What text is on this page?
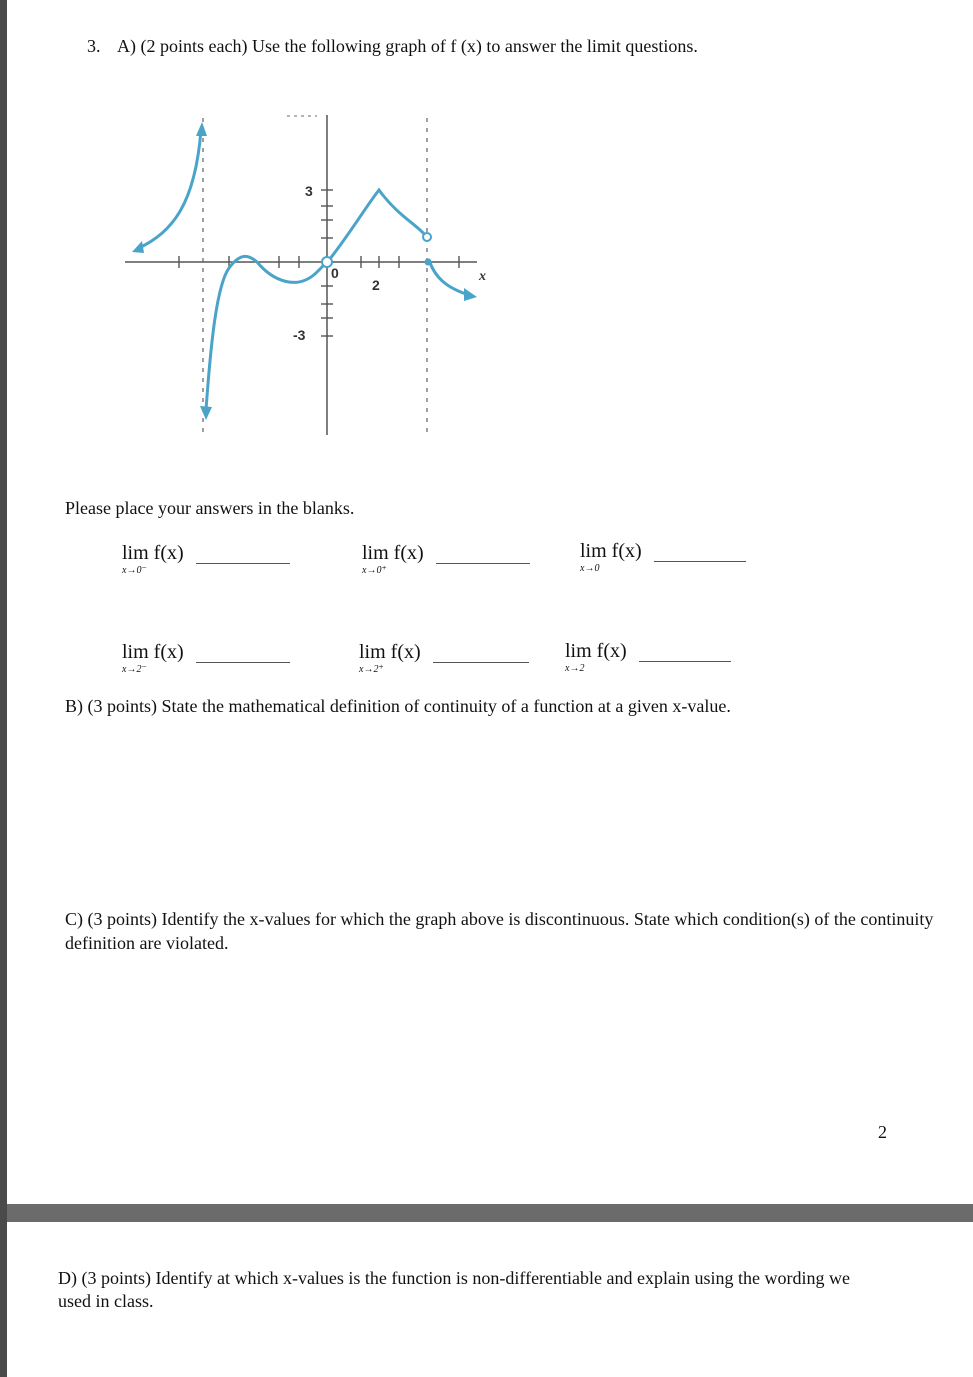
3. A) (2 points each) Use the following graph of f (x) to answer the limit questions.
3
-3
0
2
x
Please place your answers in the blanks.
lim f(x)
x→0⁻
lim f(x)
x→0⁺
lim f(x)
x→0
lim f(x)
x→2⁻
lim f(x)
x→2⁺
lim f(x)
x→2
B) (3 points) State the mathematical definition of continuity of a function at a given x-value.
C) (3 points) Identify the x-values for which the graph above is discontinuous. State which condition(s) of the continuity definition are violated.
2
D) (3 points) Identify at which x-values is the function is non-differentiable and explain using the wording we used in class.
